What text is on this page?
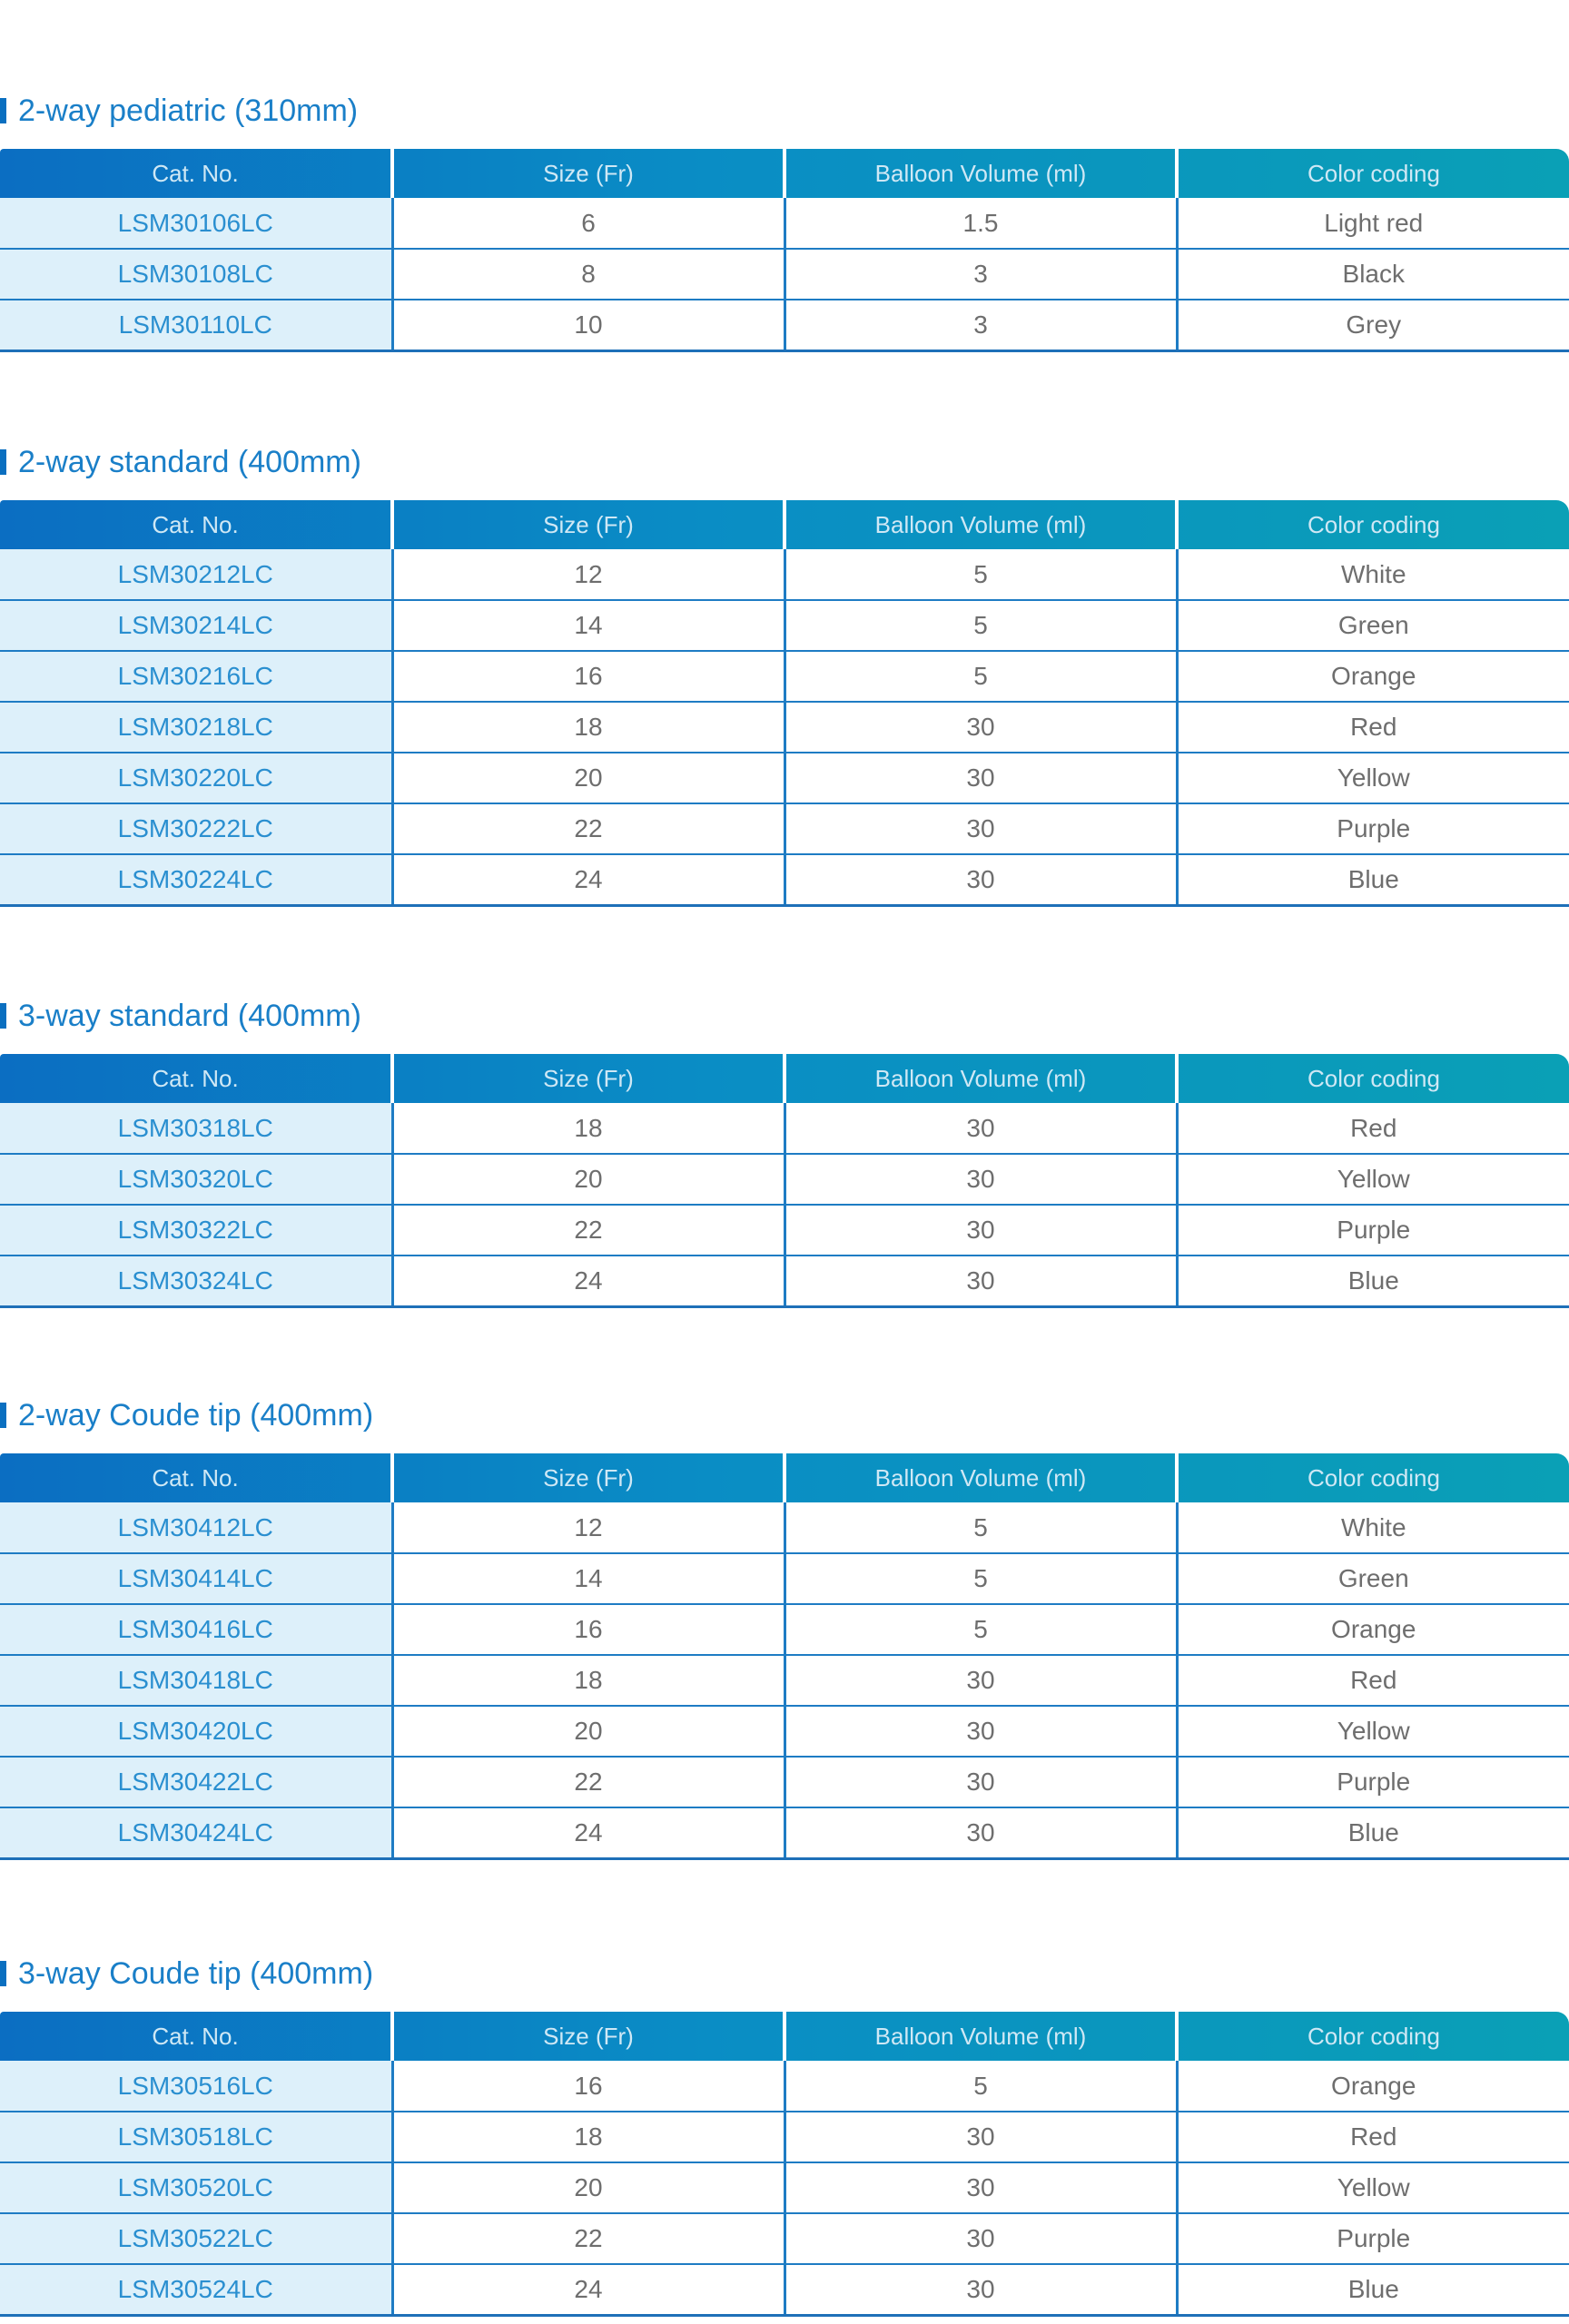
2-way pediatric (310mm)
Cat. No.	Size (Fr)	Balloon Volume (ml)	Color coding
LSM30106LC	6	1.5	Light red
LSM30108LC	8	3	Black
LSM30110LC	10	3	Grey
2-way standard (400mm)
Cat. No.	Size (Fr)	Balloon Volume (ml)	Color coding
LSM30212LC	12	5	White
LSM30214LC	14	5	Green
LSM30216LC	16	5	Orange
LSM30218LC	18	30	Red
LSM30220LC	20	30	Yellow
LSM30222LC	22	30	Purple
LSM30224LC	24	30	Blue
3-way standard (400mm)
Cat. No.	Size (Fr)	Balloon Volume (ml)	Color coding
LSM30318LC	18	30	Red
LSM30320LC	20	30	Yellow
LSM30322LC	22	30	Purple
LSM30324LC	24	30	Blue
2-way Coude tip (400mm)
Cat. No.	Size (Fr)	Balloon Volume (ml)	Color coding
LSM30412LC	12	5	White
LSM30414LC	14	5	Green
LSM30416LC	16	5	Orange
LSM30418LC	18	30	Red
LSM30420LC	20	30	Yellow
LSM30422LC	22	30	Purple
LSM30424LC	24	30	Blue
3-way Coude tip (400mm)
Cat. No.	Size (Fr)	Balloon Volume (ml)	Color coding
LSM30516LC	16	5	Orange
LSM30518LC	18	30	Red
LSM30520LC	20	30	Yellow
LSM30522LC	22	30	Purple
LSM30524LC	24	30	Blue
